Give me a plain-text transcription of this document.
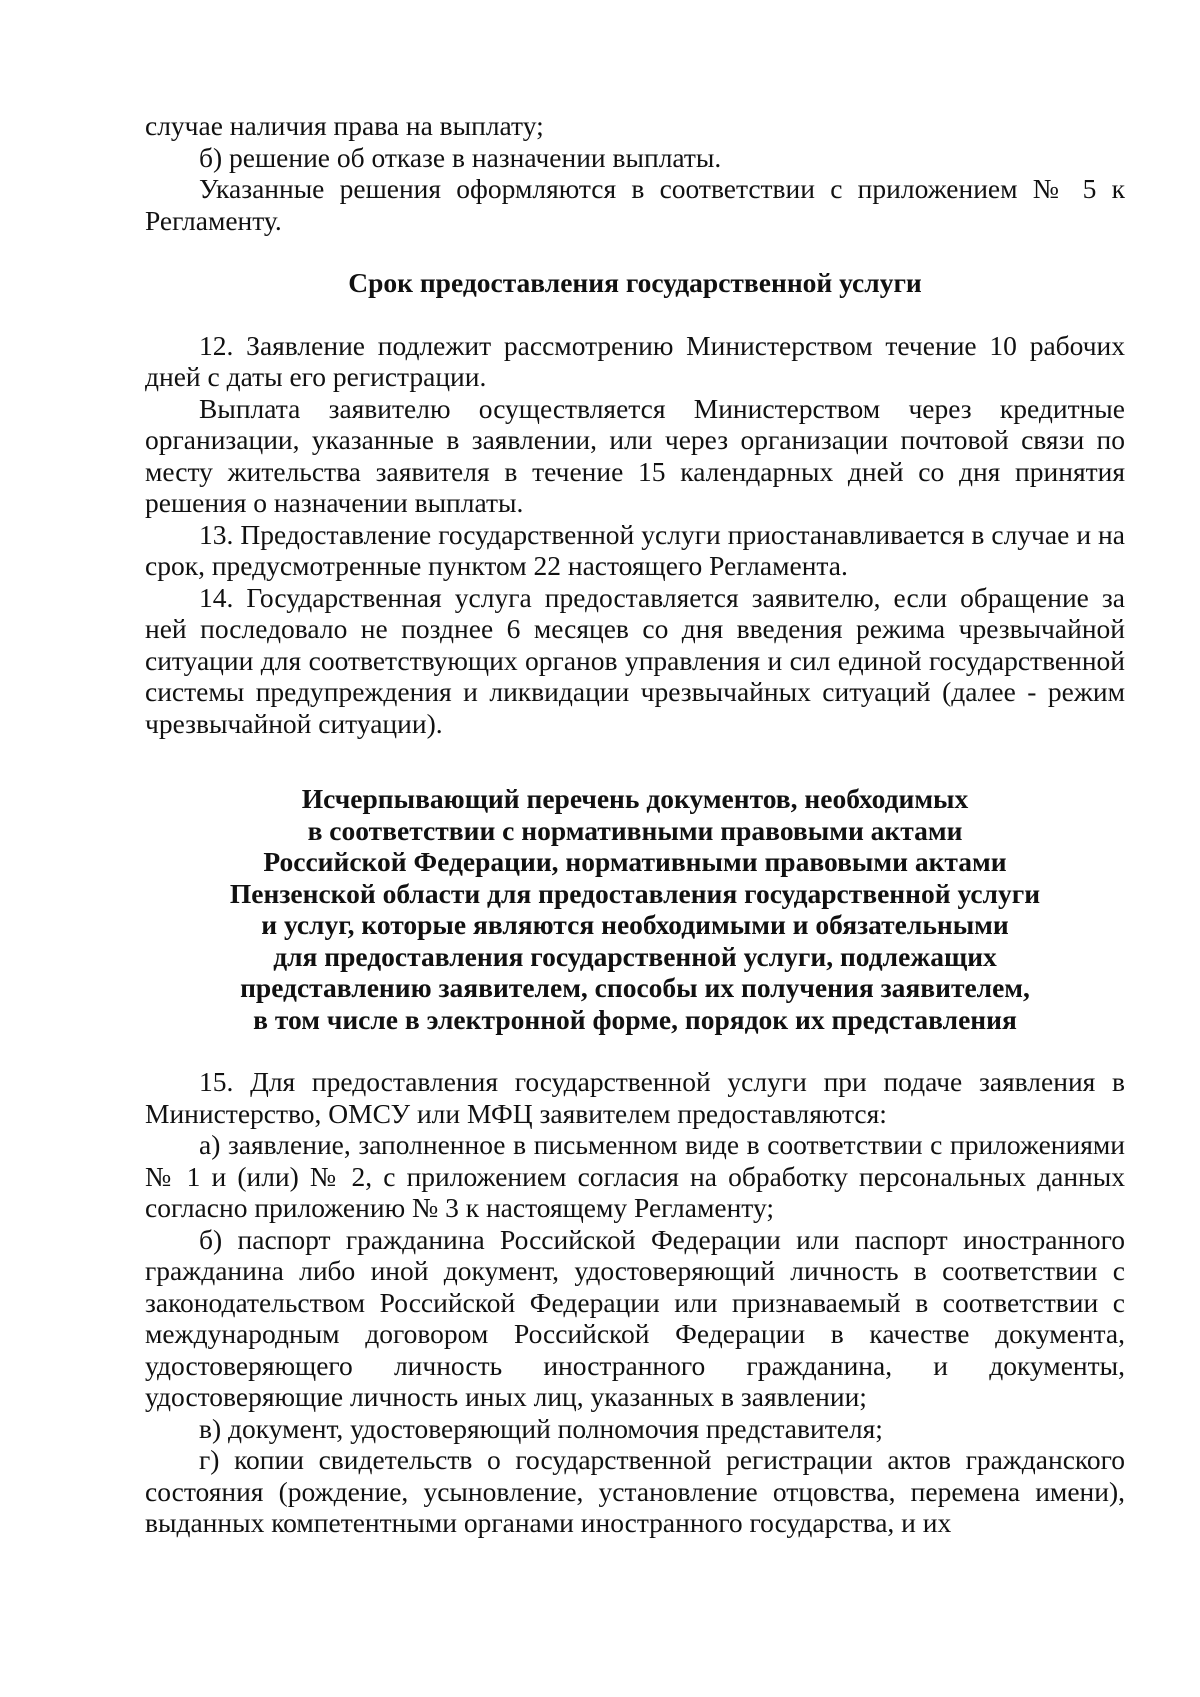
случае наличия права на выплату;

б) решение об отказе в назначении выплаты.

Указанные решения оформляются в соответствии с приложением № 5 к Регламенту.

Срок предоставления государственной услуги

12. Заявление подлежит рассмотрению Министерством течение 10 рабочих дней с даты его регистрации.

Выплата заявителю осуществляется Министерством через кредитные организации, указанные в заявлении, или через организации почтовой связи по месту жительства заявителя в течение 15 календарных дней со дня принятия решения о назначении выплаты.

13. Предоставление государственной услуги приостанавливается в случае и на срок, предусмотренные пунктом 22 настоящего Регламента.

14. Государственная услуга предоставляется заявителю, если обращение за ней последовало не позднее 6 месяцев со дня введения режима чрезвычайной ситуации для соответствующих органов управления и сил единой государственной системы предупреждения и ликвидации чрезвычайных ситуаций (далее - режим чрезвычайной ситуации).

Исчерпывающий перечень документов, необходимых
в соответствии с нормативными правовыми актами
Российской Федерации, нормативными правовыми актами
Пензенской области для предоставления государственной услуги
и услуг, которые являются необходимыми и обязательными
для предоставления государственной услуги, подлежащих
представлению заявителем, способы их получения заявителем,
в том числе в электронной форме, порядок их представления

15. Для предоставления государственной услуги при подаче заявления в Министерство, ОМСУ или МФЦ заявителем предоставляются:

а) заявление, заполненное в письменном виде в соответствии с приложениями № 1 и (или) № 2, с приложением согласия на обработку персональных данных согласно приложению № 3 к настоящему Регламенту;

б) паспорт гражданина Российской Федерации или паспорт иностранного гражданина либо иной документ, удостоверяющий личность в соответствии с законодательством Российской Федерации или признаваемый в соответствии с международным договором Российской Федерации в качестве документа, удостоверяющего личность иностранного гражданина, и документы, удостоверяющие личность иных лиц, указанных в заявлении;

в) документ, удостоверяющий полномочия представителя;

г) копии свидетельств о государственной регистрации актов гражданского состояния (рождение, усыновление, установление отцовства, перемена имени), выданных компетентными органами иностранного государства, и их
